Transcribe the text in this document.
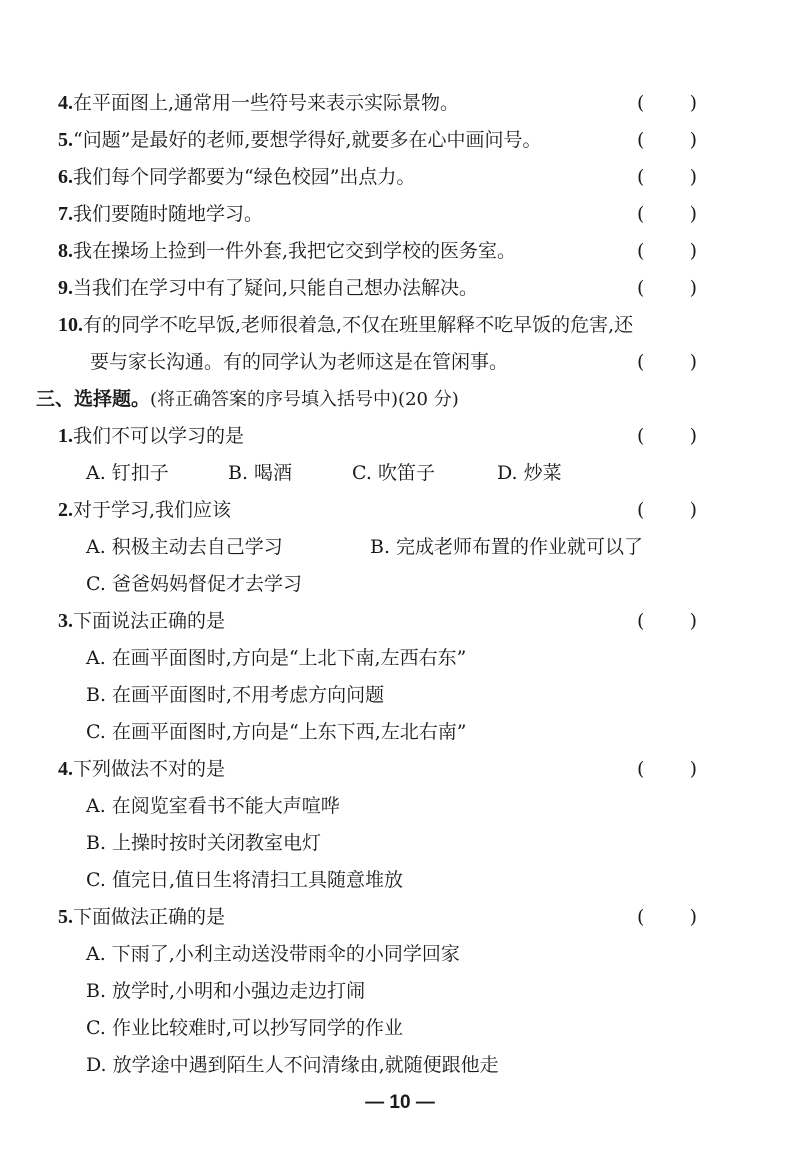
4.在平面图上,通常用一些符号来表示实际景物。	( )
5.“问题”是最好的老师,要想学得好,就要多在心中画问号。	( )
6.我们每个同学都要为“绿色校园”出点力。	( )
7.我们要随时随地学习。	( )
8.我在操场上捡到一件外套,我把它交到学校的医务室。	( )
9.当我们在学习中有了疑问,只能自己想办法解决。	( )
10.有的同学不吃早饭,老师很着急,不仅在班里解释不吃早饭的危害,还
要与家长沟通。有的同学认为老师这是在管闲事。	( )
三、选择题。(将正确答案的序号填入括号中)(20 分)
1.我们不可以学习的是	( )
A. 钉扣子	B. 喝酒	C. 吹笛子	D. 炒菜
2.对于学习,我们应该	( )
A. 积极主动去自己学习	B. 完成老师布置的作业就可以了
C. 爸爸妈妈督促才去学习
3.下面说法正确的是	( )
A. 在画平面图时,方向是“上北下南,左西右东”
B. 在画平面图时,不用考虑方向问题
C. 在画平面图时,方向是“上东下西,左北右南”
4.下列做法不对的是	( )
A. 在阅览室看书不能大声喧哗
B. 上操时按时关闭教室电灯
C. 值完日,值日生将清扫工具随意堆放
5.下面做法正确的是	( )
A. 下雨了,小利主动送没带雨伞的小同学回家
B. 放学时,小明和小强边走边打闹
C. 作业比较难时,可以抄写同学的作业
D. 放学途中遇到陌生人不问清缘由,就随便跟他走
— 10 —
